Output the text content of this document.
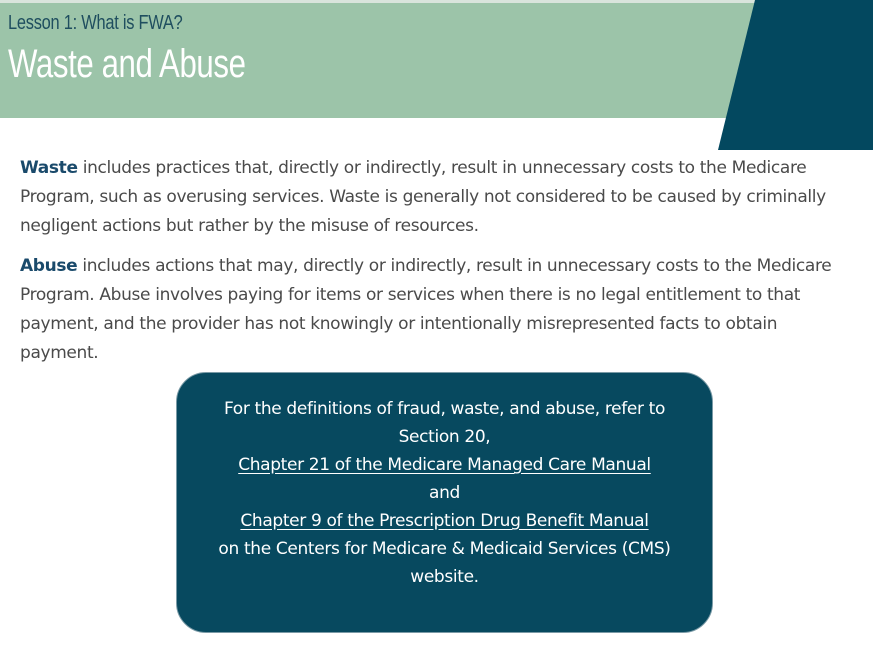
Lesson 1: What is FWA?
Waste and Abuse
Waste includes practices that, directly or indirectly, result in unnecessary costs to the Medicare Program, such as overusing services. Waste is generally not considered to be caused by criminally negligent actions but rather by the misuse of resources.
Abuse includes actions that may, directly or indirectly, result in unnecessary costs to the Medicare Program. Abuse involves paying for items or services when there is no legal entitlement to that payment, and the provider has not knowingly or intentionally misrepresented facts to obtain payment.
For the definitions of fraud, waste, and abuse, refer to
Section 20,
Chapter 21 of the Medicare Managed Care Manual
and
Chapter 9 of the Prescription Drug Benefit Manual
on the Centers for Medicare & Medicaid Services (CMS)
website.
